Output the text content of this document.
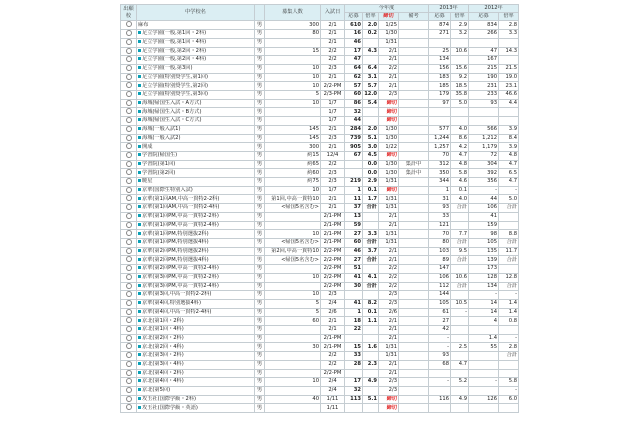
出願
校	中学校名		募集人数	入試日	今年度				2013年		2012年	
					応募	倍率	締切	備考	応募	倍率	応募	倍率
	麻布	男	300	2/1	610	2.0	1/25		874	2.9	834	2.8
	足立学園(一般,第1回・2科)	男	80	2/1	16	0.2	1/30		271	3.2	266	3.3
	足立学園(一般,第1回・4科)	男		2/1	46		1/31					
	足立学園(一般,第2回・2科)	男	15	2/2	17	4.3	2/1		25	10.6	47	14.3
	足立学園(一般,第2回・4科)	男		2/2	47		2/1		134		167	
	足立学園(一般,第3回)	男	10	2/3	64	6.4	2/2		156	15.6	215	21.5
	足立学園(特別奨学生,第1回)	男	10	2/1	62	3.1	2/1		183	9.2	190	19.0
	足立学園(特別奨学生,第2回)	男	10	2/2-PM	57	5.7	2/1		185	18.5	231	23.1
	足立学園(特別奨学生,第3回)	男	5	2/3-PM	60	12.0	2/3		179	35.8	233	46.6
	海城(帰国生入試・A方式)	男	10	1/7	86	5.4	締切		97	5.0	93	4.4
	海城(帰国生入試・B方式)	男		1/7	32		締切					
	海城(帰国生入試・C方式)	男		1/7	44		締切					
	海城(一般入試1)	男	145	2/1	284	2.0	1/30		577	4.0	566	3.9
	海城(一般入試2)	男	145	2/3	739	5.1	1/30		1,244	8.6	1,212	8.4
	開成	男	300	2/1	905	3.0	1/22		1,257	4.2	1,179	3.9
	学習院(帰国生)	男	約15	12/4	67	4.5	締切		70	4.7	72	4.8
	学習院(第1回)	男	約65	2/2		0.0	1/30	集計中	312	4.8	304	4.7
	学習院(第2回)	男	約60	2/3		0.0	1/30	集計中	350	5.8	392	6.5
	暁星	男	約75	2/3	219	2.9	1/31		344	4.6	356	4.7
	京華(国際生特別入試)	男	10	1/7	1	0.1	締切		1	0.1	-	-
	京華(第1回AM,中高一貫特2-2科)	男	第1回,中高一貫特10	2/1	11	1.7	1/31		31	4.0	44	5.0
	京華(第1回AM,中高一貫特2-4科)	男	<帰国5名含む>	2/1	37	合計	1/31		93	合計	106	合計
	京華(第1回PM,中高一貫特2-2科)	男		2/1-PM	13		2/1		33		41	
	京華(第1回PM,中高一貫特2-4科)	男		2/1-PM	59		2/1		121		159	
	京華(第1回PM,特別選抜2科)	男	10	2/1-PM	27	3.3	1/31		70	7.7	98	8.8
	京華(第1回PM,特別選抜4科)	男	<帰国5名含む>	2/1-PM	60	合計	1/31		80	合計	105	合計
	京華(第2回PM,特別選抜2科)	男	第2回,中高一貫特10	2/2-PM	46	3.7	2/1		103	9.5	135	11.7
	京華(第2回PM,特別選抜4科)	男	<帰国5名含む>	2/2-PM	27	合計	2/1		89	合計	139	合計
	京華(第2回PM,中高一貫特2-4科)	男		2/2-PM	51		2/2		147		173	
	京華(第3回PM,中高一貫特2-2科)	男	10	2/2-PM	41	4.1	2/2		106	10.6	128	12.8
	京華(第3回PM,中高一貫特2-4科)	男		2/2-PM	30	合計	2/2		112	合計	134	合計
	京華(第3回,中高一貫特2-2科)	男	10	2/3			2/3		144		-	-
	京華(第4回,特別選抜4科)	男	5	2/4	41	8.2	2/3		105	10.5	14	1.4
	京華(第4回,中高一貫特2-4科)	男	5	2/6	1	0.1	2/6		61	-	14	1.4
	京北(第1回・2科)	男	60	2/1	18	1.1	2/1		27		4	0.8
	京北(第1回・4科)	男		2/1	22		2/1		42			
	京北(第2回・2科)	男		2/1-PM			2/1		-		1.4	-
	京北(第2回・4科)	男	30	2/1-PM	15	1.6	1/31		-	2.5	55	2.8
	京北(第3回・2科)	男		2/2	33		1/31		93			合計
	京北(第3回・4科)	男		2/2	28	2.3	2/1		68	4.7		
	京北(第4回・2科)	男		2/2-PM			2/1					
	京北(第4回・4科)	男	10	2/4	17	4.9	2/3		-	5.2	-	5.8
	京北(第5回)	男		2/4	32		2/3					-
	攻玉社(国際学級・2科)	男	40	1/11	113	5.1	締切		116	4.9	126	6.0
	攻玉社(国際学級・英語)	男		1/11			締切					
